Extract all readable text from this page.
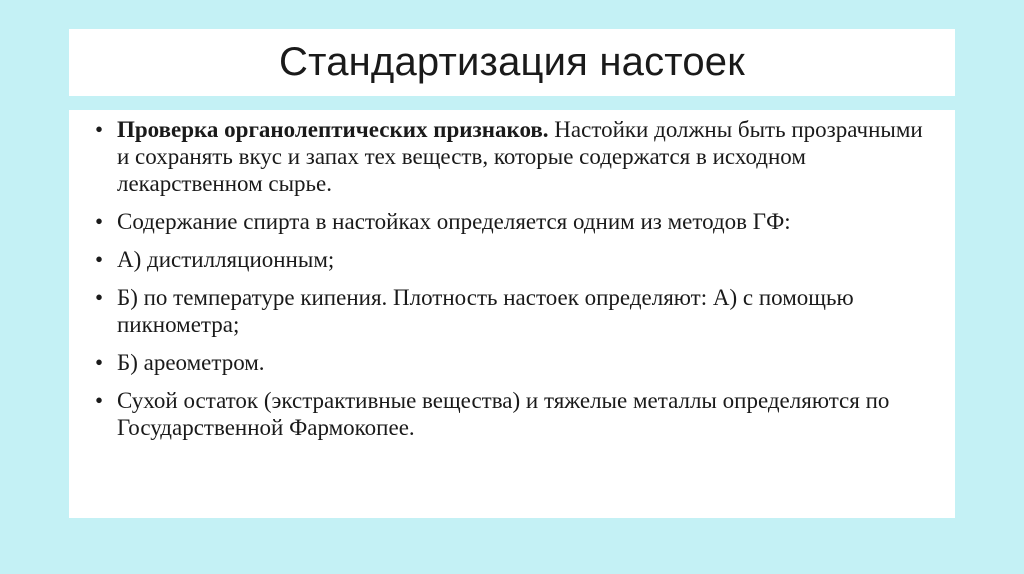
Стандартизация настоек
• Проверка органолептических признаков. Настойки должны быть прозрачными и сохранять вкус и запах тех веществ, которые содержатся в исходном лекарственном сырье.
• Содержание спирта в настойках определяется одним из методов ГФ:
• А) дистилляционным;
• Б) по температуре кипения. Плотность настоек определяют: А) с помощью пикнометра;
• Б) ареометром.
• Сухой остаток (экстрактивные вещества) и тяжелые металлы определяются по Государственной Фармокопее.
